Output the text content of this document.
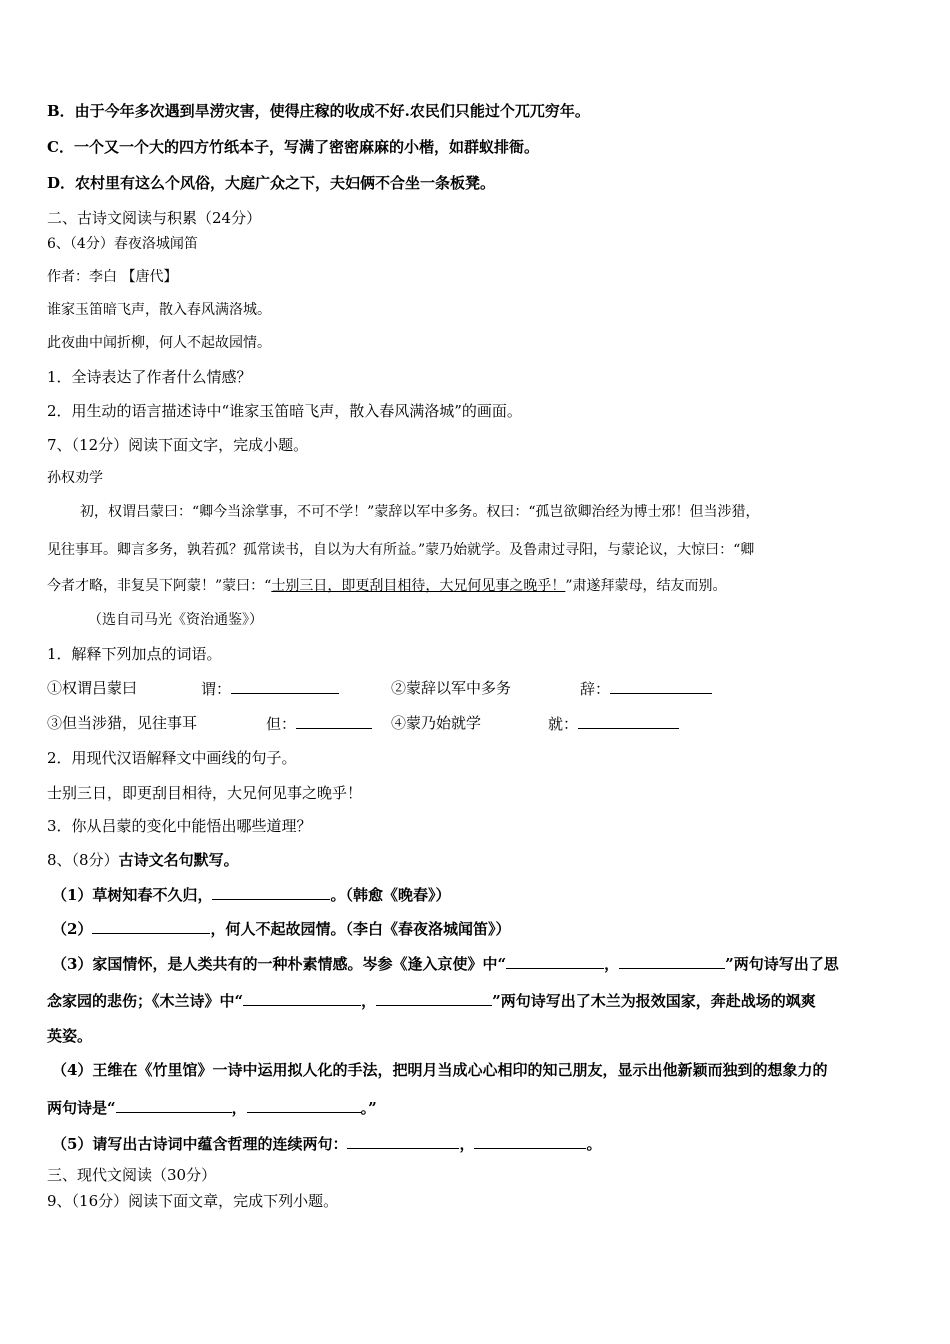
B．由于今年多次遇到旱涝灾害，使得庄稼的收成不好.农民们只能过个兀兀穷年。
C．一个又一个大的四方竹纸本子，写满了密密麻麻的小楷，如群蚁排衙。
D．农村里有这么个风俗，大庭广众之下，夫妇俩不合坐一条板凳。
二、古诗文阅读与积累（24分）
6、（4分）春夜洛城闻笛
作者：李白 【唐代】
谁家玉笛暗飞声，散入春风满洛城。
此夜曲中闻折柳，何人不起故园情。
1．全诗表达了作者什么情感？
2．用生动的语言描述诗中“谁家玉笛暗飞声，散入春风满洛城”的画面。
7、（12分）阅读下面文字，完成小题。
孙权劝学
初，权谓吕蒙曰：“卿今当涂掌事，不可不学！”蒙辞以军中多务。权曰：“孤岂欲卿治经为博士邪！但当涉猎，
见往事耳。卿言多务，孰若孤？孤常读书，自以为大有所益。”蒙乃始就学。及鲁肃过寻阳，与蒙论议，大惊曰：“卿
今者才略，非复吴下阿蒙！”蒙曰：“士别三日，即更刮目相待，大兄何见事之晚乎！”肃遂拜蒙母，结友而别。
（选自司马光《资治通鉴》）
1．解释下列加点的词语。
①权谓吕蒙曰	谓：	②蒙辞以军中多务	辞：
③但当涉猎，见往事耳	但：	④蒙乃始就学	就：
2．用现代汉语解释文中画线的句子。
士别三日，即更刮目相待，大兄何见事之晚乎！
3．你从吕蒙的变化中能悟出哪些道理？
8、（8分）古诗文名句默写。
（1）草树知春不久归，	。（韩愈《晚春》）
（2）	，何人不起故园情。（李白《春夜洛城闻笛》）
（3）家国情怀，是人类共有的一种朴素情感。岑参《逢入京使》中“	，	”两句诗写出了思
念家园的悲伤；《木兰诗》中“	，	”两句诗写出了木兰为报效国家，奔赴战场的飒爽
英姿。
（4）王维在《竹里馆》一诗中运用拟人化的手法，把明月当成心心相印的知己朋友，显示出他新颖而独到的想象力的
两句诗是“	，	。”
（5）请写出古诗词中蕴含哲理的连续两句：	，	。
三、现代文阅读（30分）
9、（16分）阅读下面文章，完成下列小题。
